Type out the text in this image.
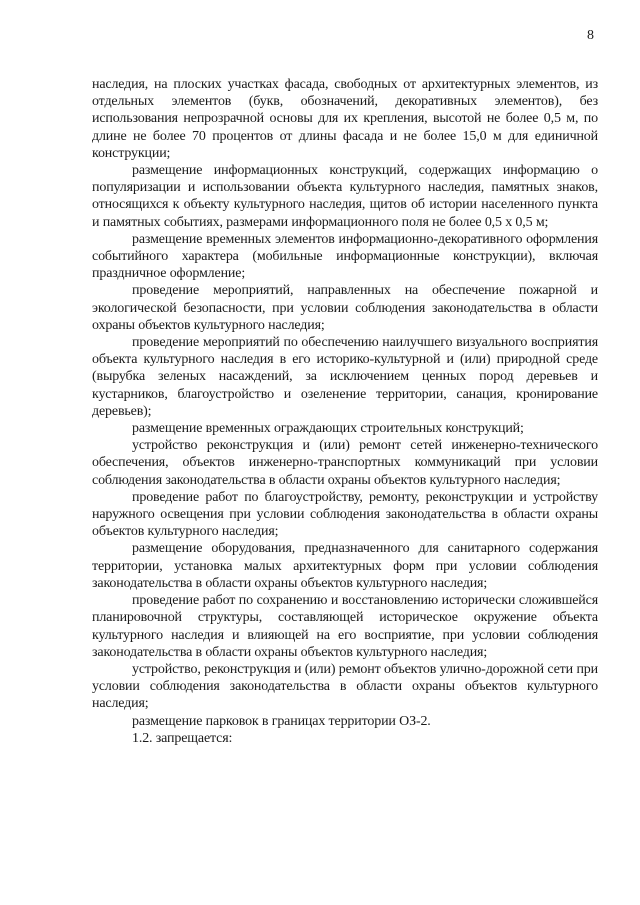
8

наследия, на плоских участках фасада, свободных от архитектурных элементов, из отдельных элементов (букв, обозначений, декоративных элементов), без использования непрозрачной основы для их крепления, высотой не более 0,5 м, по длине не более 70 процентов от длины фасада и не более 15,0 м для единичной конструкции;

размещение информационных конструкций, содержащих информацию о популяризации и использовании объекта культурного наследия, памятных знаков, относящихся к объекту культурного наследия, щитов об истории населенного пункта и памятных событиях, размерами информационного поля не более 0,5 х 0,5 м;

размещение временных элементов информационно-декоративного оформления событийного характера (мобильные информационные конструкции), включая праздничное оформление;

проведение мероприятий, направленных на обеспечение пожарной и экологической безопасности, при условии соблюдения законодательства в области охраны объектов культурного наследия;

проведение мероприятий по обеспечению наилучшего визуального восприятия объекта культурного наследия в его историко-культурной и (или) природной среде (вырубка зеленых насаждений, за исключением ценных пород деревьев и кустарников, благоустройство и озеленение территории, санация, кронирование деревьев);

размещение временных ограждающих строительных конструкций;

устройство реконструкция и (или) ремонт сетей инженерно-технического обеспечения, объектов инженерно-транспортных коммуникаций при условии соблюдения законодательства в области охраны объектов культурного наследия;

проведение работ по благоустройству, ремонту, реконструкции и устройству наружного освещения при условии соблюдения законодательства в области охраны объектов культурного наследия;

размещение оборудования, предназначенного для санитарного содержания территории, установка малых архитектурных форм при условии соблюдения законодательства в области охраны объектов культурного наследия;

проведение работ по сохранению и восстановлению исторически сложившейся планировочной структуры, составляющей историческое окружение объекта культурного наследия и влияющей на его восприятие, при условии соблюдения законодательства в области охраны объектов культурного наследия;

устройство, реконструкция и (или) ремонт объектов улично-дорожной сети при условии соблюдения законодательства в области охраны объектов культурного наследия;

размещение парковок в границах территории ОЗ-2.

1.2. запрещается:
